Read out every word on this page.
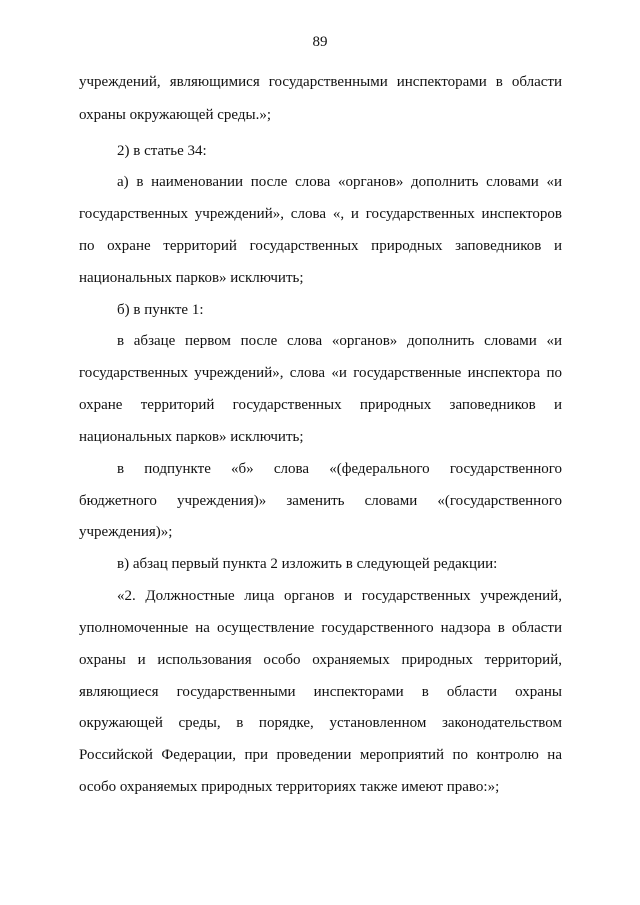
89
учреждений, являющимися государственными инспекторами в области
охраны окружающей среды.»;
2) в статье 34:
а) в наименовании после слова «органов» дополнить словами «и
государственных учреждений», слова «, и государственных инспекторов
по охране территорий государственных природных заповедников и
национальных парков» исключить;
б) в пункте 1:
в абзаце первом после слова «органов» дополнить словами «и
государственных учреждений», слова «и государственные инспектора по
охране территорий государственных природных заповедников и
национальных парков» исключить;
в подпункте «б» слова «(федерального государственного
бюджетного учреждения)» заменить словами «(государственного
учреждения)»;
в) абзац первый пункта 2 изложить в следующей редакции:
«2. Должностные лица органов и государственных учреждений,
уполномоченные на осуществление государственного надзора в области
охраны и использования особо охраняемых природных территорий,
являющиеся государственными инспекторами в области охраны
окружающей среды, в порядке, установленном законодательством
Российской Федерации, при проведении мероприятий по контролю на
особо охраняемых природных территориях также имеют право:»;
